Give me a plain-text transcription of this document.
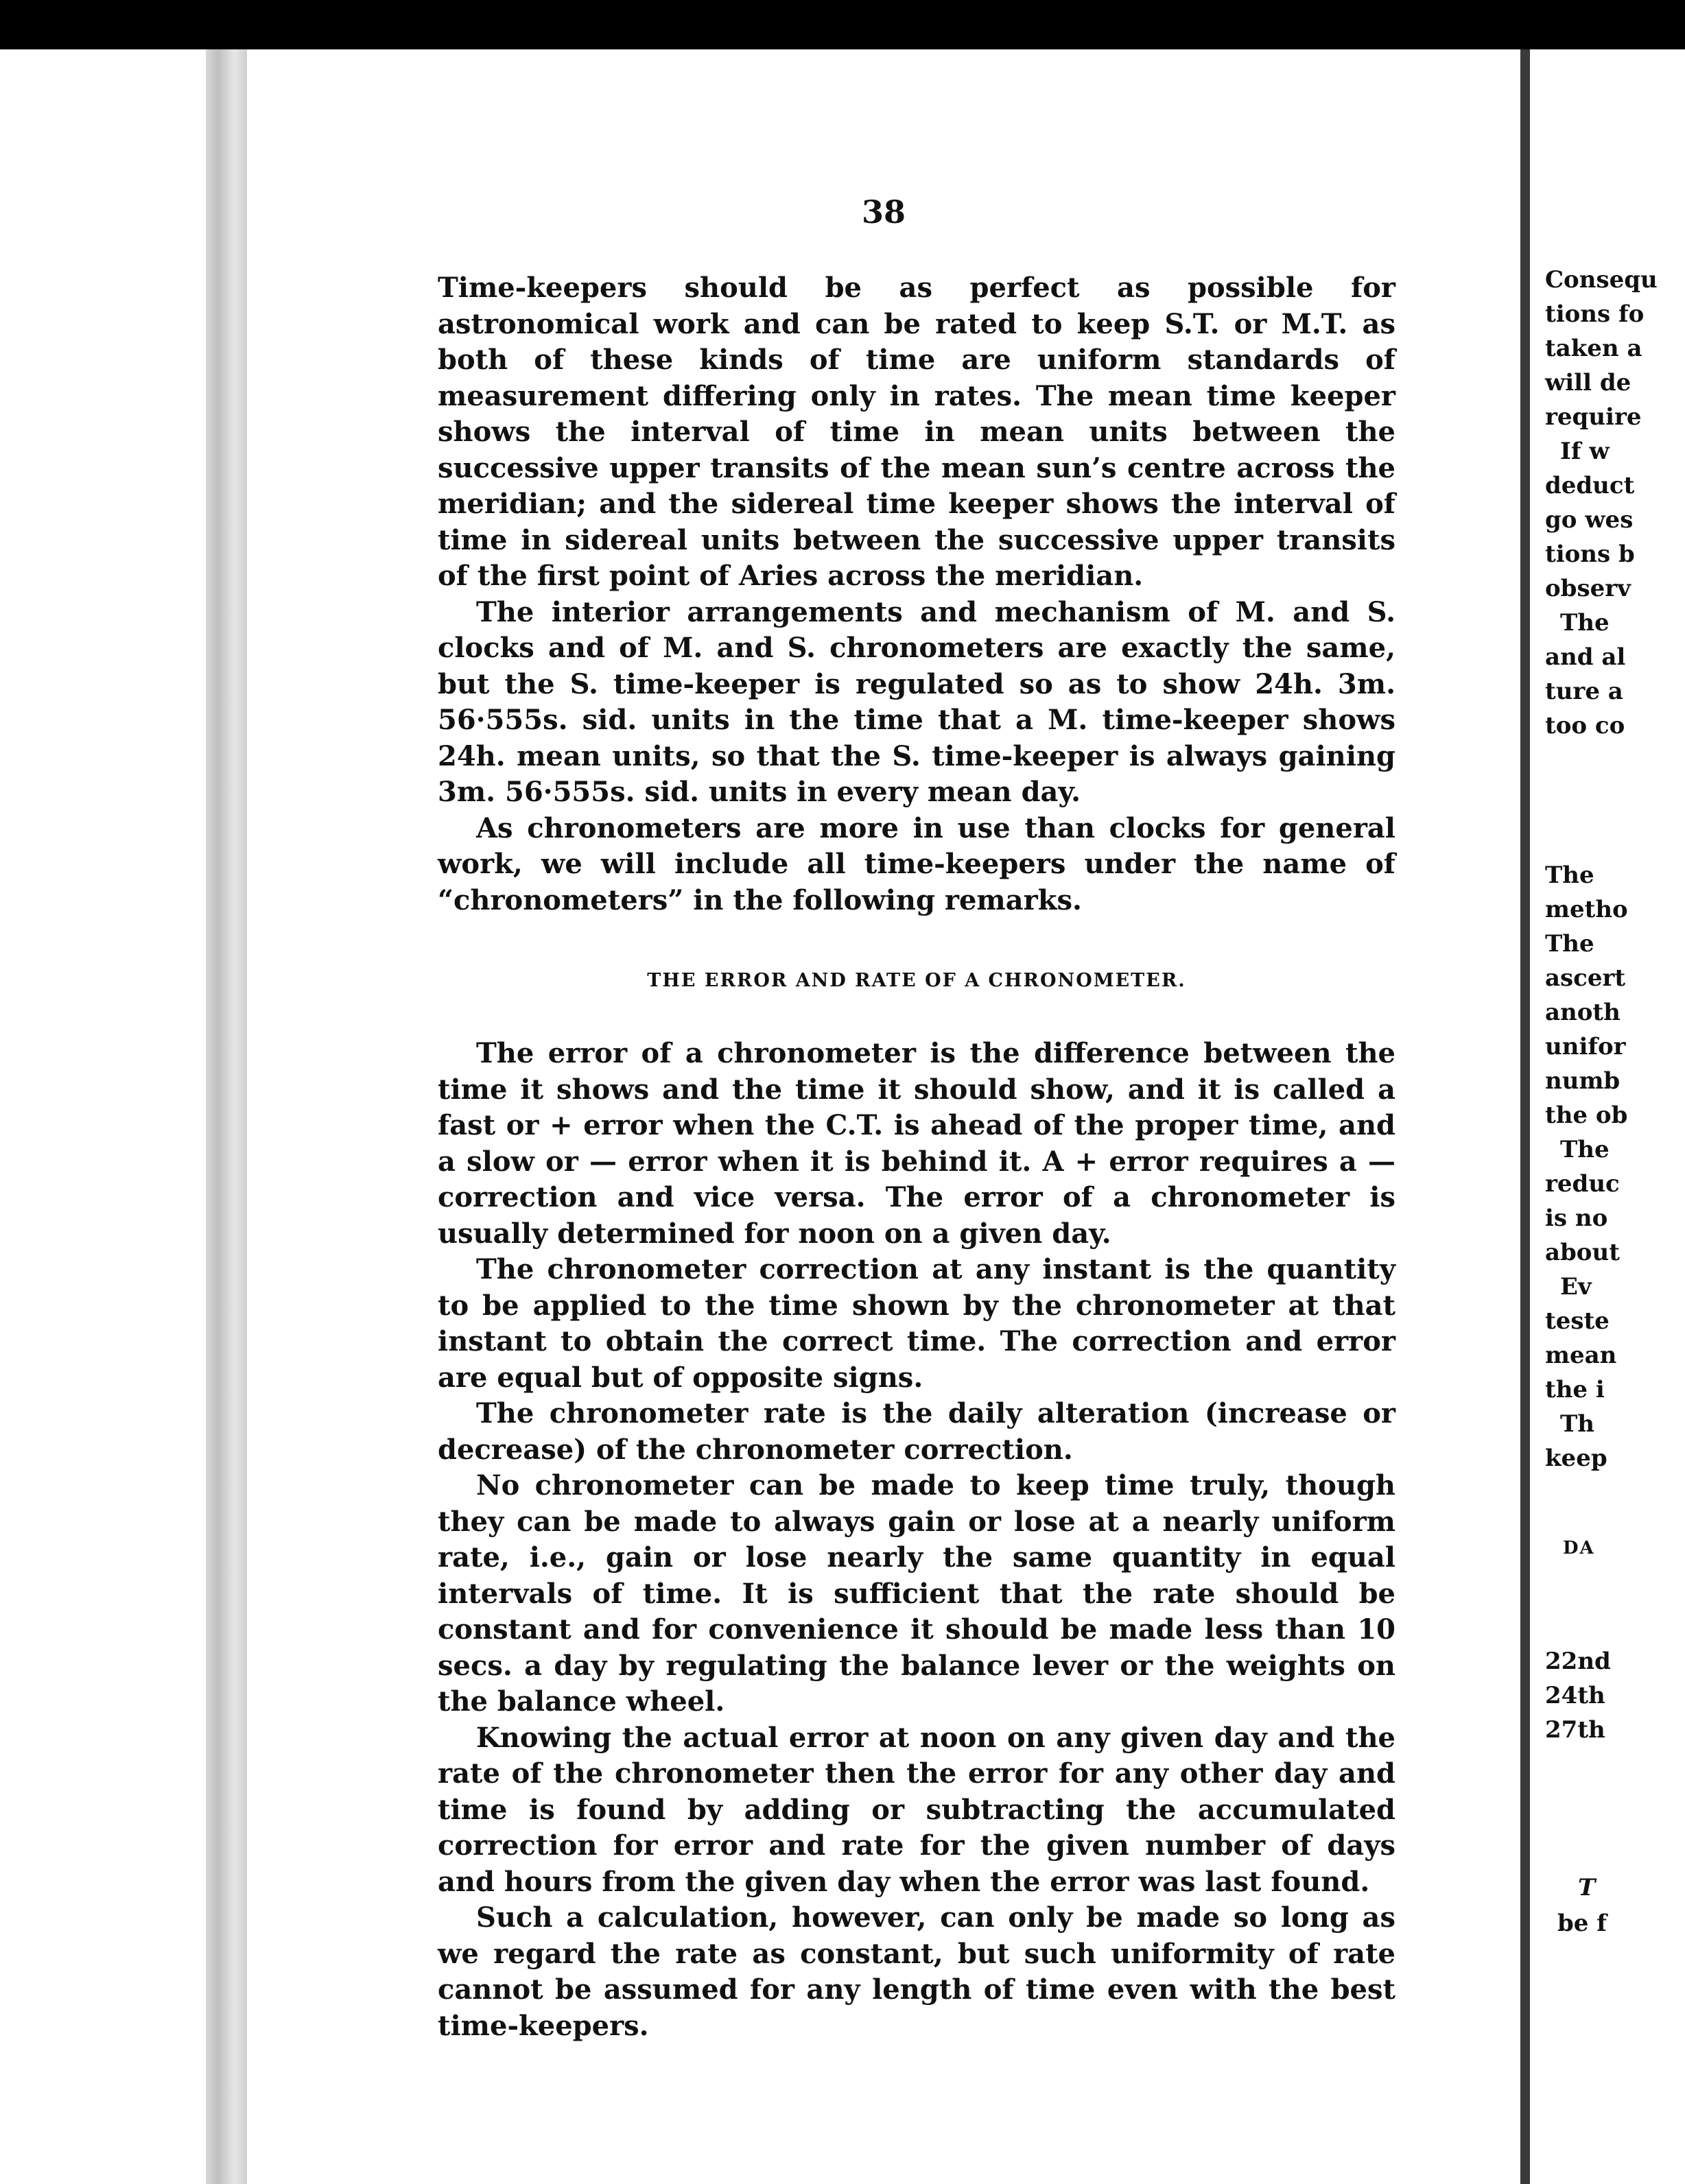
38

Time-keepers should be as perfect as possible for astronomical work and can be rated to keep S.T. or M.T. as both of these kinds of time are uniform standards of measurement differing only in rates. The mean time keeper shows the interval of time in mean units between the successive upper transits of the mean sun’s centre across the meridian; and the sidereal time keeper shows the interval of time in sidereal units between the successive upper transits of the first point of Aries across the meridian.

The interior arrangements and mechanism of M. and S. clocks and of M. and S. chronometers are exactly the same, but the S. time-keeper is regulated so as to show 24h. 3m. 56·555s. sid. units in the time that a M. time-keeper shows 24h. mean units, so that the S. time-keeper is always gaining 3m. 56·555s. sid. units in every mean day.

As chronometers are more in use than clocks for general work, we will include all time-keepers under the name of “chronometers” in the following remarks.

THE ERROR AND RATE OF A CHRONOMETER.

The error of a chronometer is the difference between the time it shows and the time it should show, and it is called a fast or + error when the C.T. is ahead of the proper time, and a slow or — error when it is behind it. A + error requires a — correction and vice versa. The error of a chronometer is usually determined for noon on a given day.

The chronometer correction at any instant is the quantity to be applied to the time shown by the chronometer at that instant to obtain the correct time. The correction and error are equal but of opposite signs.

The chronometer rate is the daily alteration (increase or decrease) of the chronometer correction.

No chronometer can be made to keep time truly, though they can be made to always gain or lose at a nearly uniform rate, i.e., gain or lose nearly the same quantity in equal intervals of time. It is sufficient that the rate should be constant and for convenience it should be made less than 10 secs. a day by regulating the balance lever or the weights on the balance wheel.

Knowing the actual error at noon on any given day and the rate of the chronometer then the error for any other day and time is found by adding or subtracting the accumulated correction for error and rate for the given number of days and hours from the given day when the error was last found.

Such a calculation, however, can only be made so long as we regard the rate as constant, but such uniformity of rate cannot be assumed for any length of time even with the best time-keepers.

Consequ
tions fo
taken a
will de
require
If w
deduct
go wes
tions b
observ
The
and al
ture a
too co
The
metho
The
ascert
anoth
unifor
numb
the ob
The
reduc
is no
about
Ev
teste
mean
the i
Th
keep
DA
22nd
24th
27th
T
be f
